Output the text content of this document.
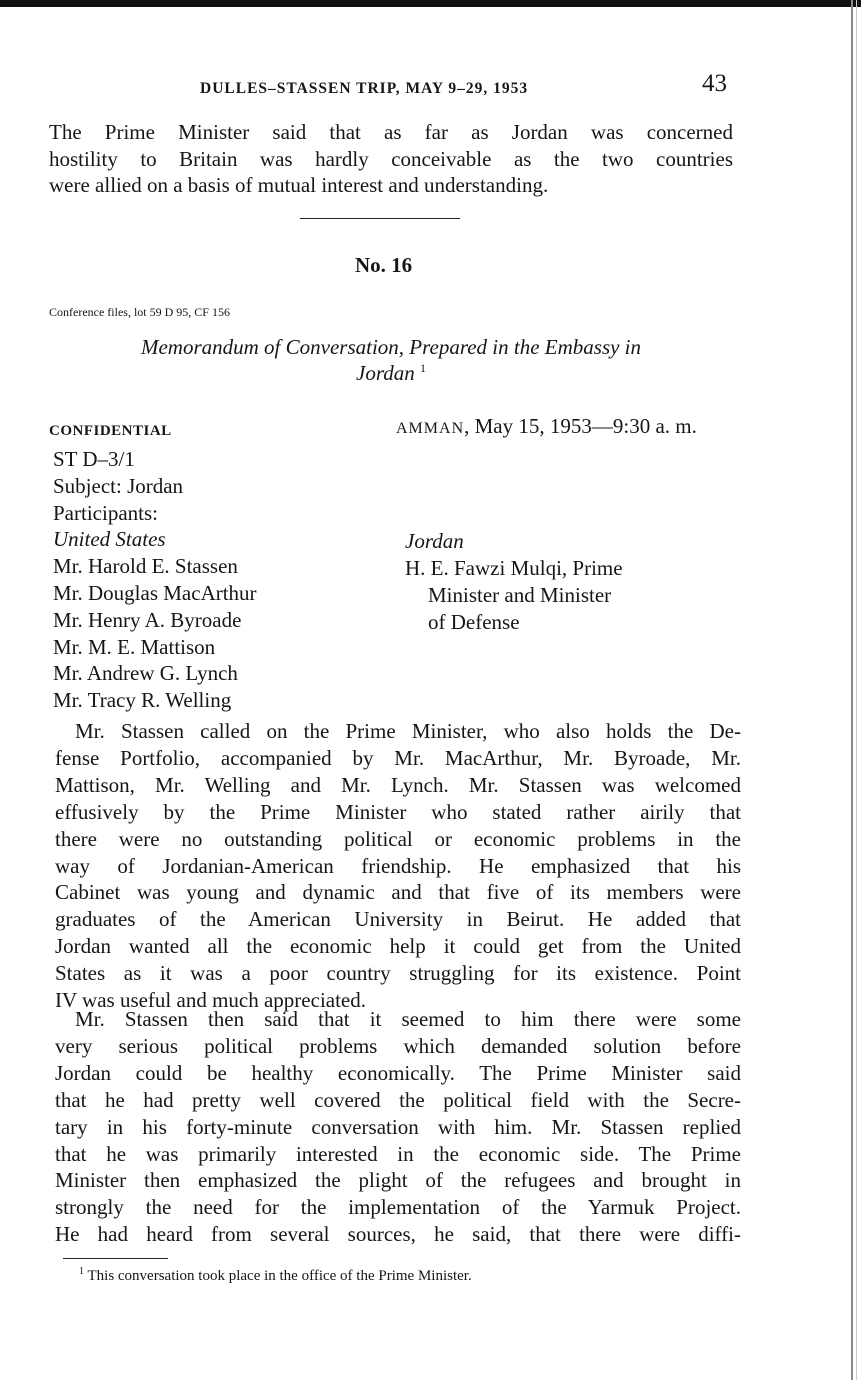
DULLES–STASSEN TRIP, MAY 9–29, 1953	43
The Prime Minister said that as far as Jordan was concerned
hostility to Britain was hardly conceivable as the two countries
were allied on a basis of mutual interest and understanding.
No. 16
Conference files, lot 59 D 95, CF 156
Memorandum of Conversation, Prepared in the Embassy in
Jordan $^1$
CONFIDENTIAL	AMMAN, May 15, 1953—9:30 a. m.
ST D–3/1
Subject: Jordan
Participants:
United States
Mr. Harold E. Stassen
Mr. Douglas MacArthur
Mr. Henry A. Byroade
Mr. M. E. Mattison
Mr. Andrew G. Lynch
Mr. Tracy R. Welling
Jordan
H. E. Fawzi Mulqi, Prime
Minister and Minister
of Defense
Mr. Stassen called on the Prime Minister, who also holds the De-
fense Portfolio, accompanied by Mr. MacArthur, Mr. Byroade, Mr.
Mattison, Mr. Welling and Mr. Lynch. Mr. Stassen was welcomed
effusively by the Prime Minister who stated rather airily that
there were no outstanding political or economic problems in the
way of Jordanian-American friendship. He emphasized that his
Cabinet was young and dynamic and that five of its members were
graduates of the American University in Beirut. He added that
Jordan wanted all the economic help it could get from the United
States as it was a poor country struggling for its existence. Point
IV was useful and much appreciated.
Mr. Stassen then said that it seemed to him there were some
very serious political problems which demanded solution before
Jordan could be healthy economically. The Prime Minister said
that he had pretty well covered the political field with the Secre-
tary in his forty-minute conversation with him. Mr. Stassen replied
that he was primarily interested in the economic side. The Prime
Minister then emphasized the plight of the refugees and brought in
strongly the need for the implementation of the Yarmuk Project.
He had heard from several sources, he said, that there were diffi-
$^1$ This conversation took place in the office of the Prime Minister.
